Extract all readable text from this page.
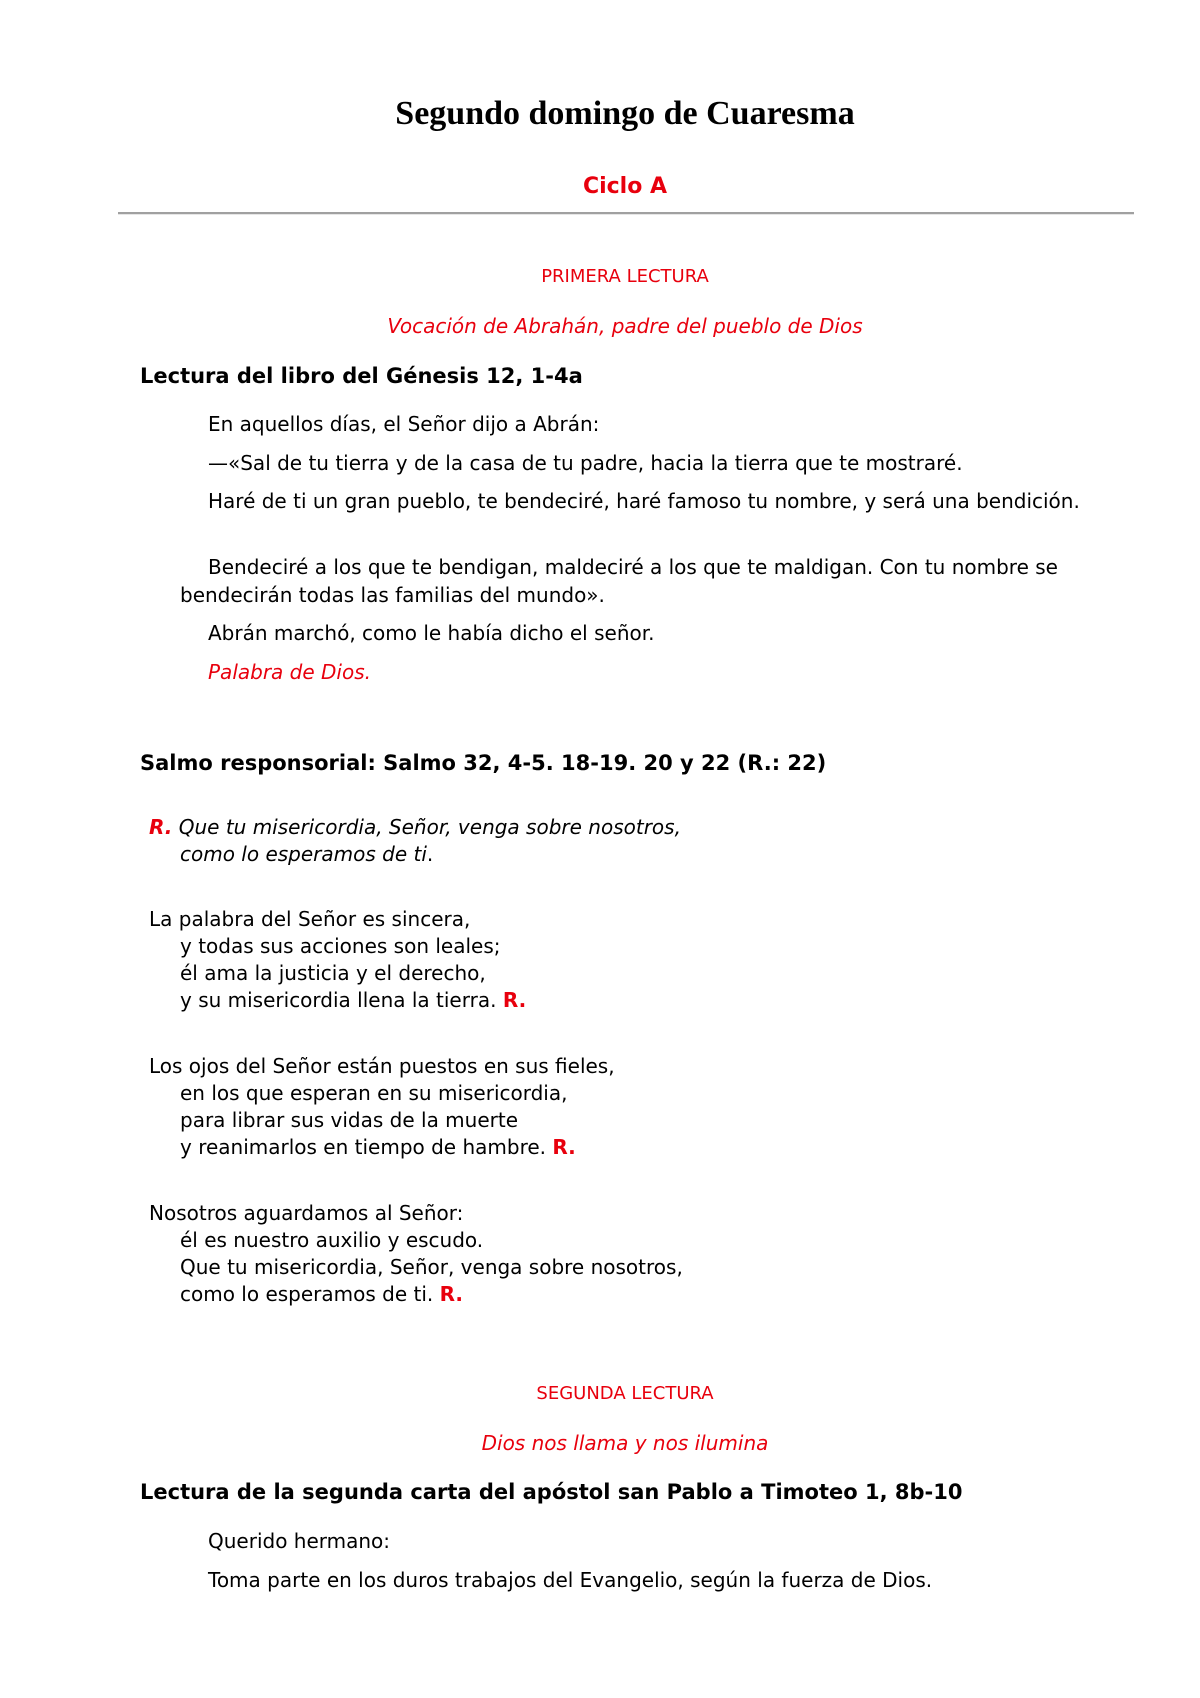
Segundo domingo de Cuaresma
Ciclo A
PRIMERA LECTURA
Vocación de Abrahán, padre del pueblo de Dios
Lectura del libro del Génesis 12, 1-4a
En aquellos días, el Señor dijo a Abrán:
—«Sal de tu tierra y de la casa de tu padre, hacia la tierra que te mostraré.
Haré de ti un gran pueblo, te bendeciré, haré famoso tu nombre, y será una bendición.
Bendeciré a los que te bendigan, maldeciré a los que te maldigan. Con tu nombre se bendecirán todas las familias del mundo».
Abrán marchó, como le había dicho el señor.
Palabra de Dios.
Salmo responsorial: Salmo 32, 4-5. 18-19. 20 y 22 (R.: 22)
R. Que tu misericordia, Señor, venga sobre nosotros,
como lo esperamos de ti.
La palabra del Señor es sincera,
y todas sus acciones son leales;
él ama la justicia y el derecho,
y su misericordia llena la tierra. R.
Los ojos del Señor están puestos en sus fieles,
en los que esperan en su misericordia,
para librar sus vidas de la muerte
y reanimarlos en tiempo de hambre. R.
Nosotros aguardamos al Señor:
él es nuestro auxilio y escudo.
Que tu misericordia, Señor, venga sobre nosotros,
como lo esperamos de ti. R.
SEGUNDA LECTURA
Dios nos llama y nos ilumina
Lectura de la segunda carta del apóstol san Pablo a Timoteo 1, 8b-10
Querido hermano:
Toma parte en los duros trabajos del Evangelio, según la fuerza de Dios.
